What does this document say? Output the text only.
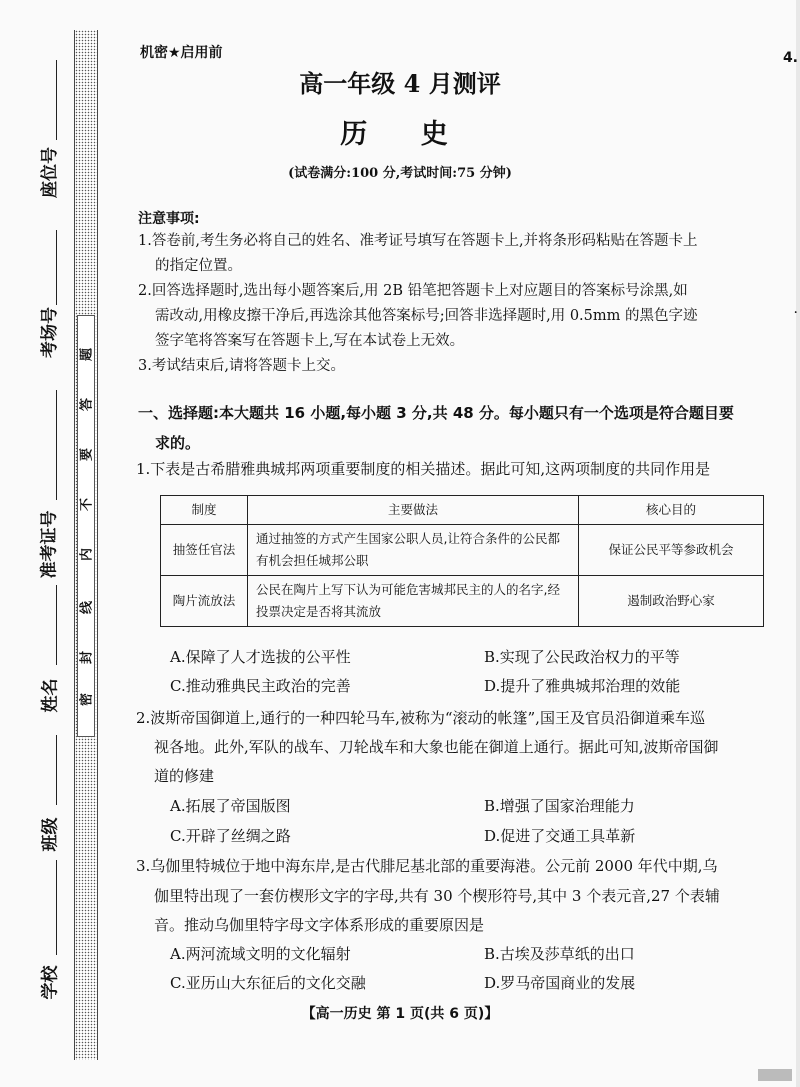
4.
·
题
答
要
不
内
线
封
密
座位号
考场号
准考证号
姓名
班级
学校
机密★启用前
高一年级 4 月测评
历 史
(试卷满分:100 分,考试时间:75 分钟)
注意事项:
1.答卷前,考生务必将自己的姓名、准考证号填写在答题卡上,并将条形码粘贴在答题卡上
的指定位置。
2.回答选择题时,选出每小题答案后,用 2B 铅笔把答题卡上对应题目的答案标号涂黑,如
需改动,用橡皮擦干净后,再选涂其他答案标号;回答非选择题时,用 0.5mm 的黑色字迹
签字笔将答案写在答题卡上,写在本试卷上无效。
3.考试结束后,请将答题卡上交。
一、选择题:本大题共 16 小题,每小题 3 分,共 48 分。每小题只有一个选项是符合题目要
求的。
1.下表是古希腊雅典城邦两项重要制度的相关描述。据此可知,这两项制度的共同作用是
制度	主要做法	核心目的
抽签任官法	通过抽签的方式产生国家公职人员,让符合条件的公民都有机会担任城邦公职	保证公民平等参政机会
陶片流放法	公民在陶片上写下认为可能危害城邦民主的人的名字,经投票决定是否将其流放	遏制政治野心家
A.保障了人才选拔的公平性	B.实现了公民政治权力的平等
C.推动雅典民主政治的完善	D.提升了雅典城邦治理的效能
2.波斯帝国御道上,通行的一种四轮马车,被称为“滚动的帐篷”,国王及官员沿御道乘车巡
视各地。此外,军队的战车、刀轮战车和大象也能在御道上通行。据此可知,波斯帝国御
道的修建
A.拓展了帝国版图	B.增强了国家治理能力
C.开辟了丝绸之路	D.促进了交通工具革新
3.乌伽里特城位于地中海东岸,是古代腓尼基北部的重要海港。公元前 2000 年代中期,乌
伽里特出现了一套仿楔形文字的字母,共有 30 个楔形符号,其中 3 个表元音,27 个表辅
音。推动乌伽里特字母文字体系形成的重要原因是
A.两河流域文明的文化辐射	B.古埃及莎草纸的出口
C.亚历山大东征后的文化交融	D.罗马帝国商业的发展
【高一历史 第 1 页(共 6 页)】
